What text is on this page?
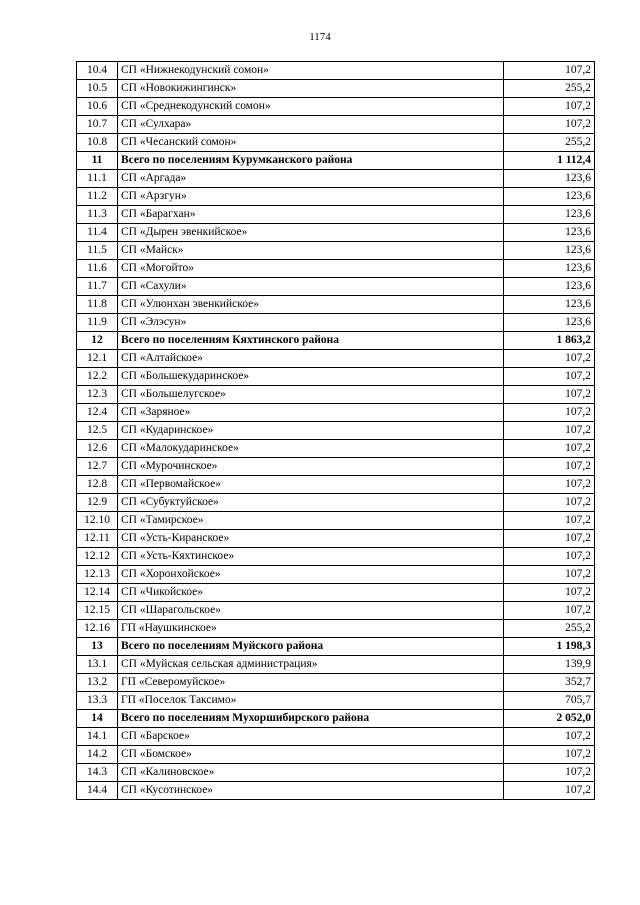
1174
10.4	СП «Нижнекодунский сомон»	107,2
10.5	СП «Новокижингинск»	255,2
10.6	СП «Среднекодунский сомон»	107,2
10.7	СП «Сулхара»	107,2
10.8	СП «Чесанский сомон»	255,2
11	Всего по поселениям Курумканского района	1 112,4
11.1	СП «Аргада»	123,6
11.2	СП «Арзгун»	123,6
11.3	СП «Барагхан»	123,6
11.4	СП «Дырен эвенкийское»	123,6
11.5	СП «Майск»	123,6
11.6	СП «Могойто»	123,6
11.7	СП «Сахули»	123,6
11.8	СП «Улюнхан эвенкийское»	123,6
11.9	СП «Элэсун»	123,6
12	Всего по поселениям Кяхтинского района	1 863,2
12.1	СП «Алтайское»	107,2
12.2	СП «Большекударинское»	107,2
12.3	СП «Большелугское»	107,2
12.4	СП «Заряное»	107,2
12.5	СП «Кударинское»	107,2
12.6	СП «Малокударинское»	107,2
12.7	СП «Мурочинское»	107,2
12.8	СП «Первомайское»	107,2
12.9	СП «Субуктуйское»	107,2
12.10	СП «Тамирское»	107,2
12.11	СП «Усть-Киранское»	107,2
12.12	СП «Усть-Кяхтинское»	107,2
12.13	СП «Хоронхойское»	107,2
12.14	СП «Чикойское»	107,2
12.15	СП «Шарагольское»	107,2
12.16	ГП «Наушкинское»	255,2
13	Всего по поселениям Муйского района	1 198,3
13.1	СП «Муйская сельская администрация»	139,9
13.2	ГП «Северомуйское»	352,7
13.3	ГП «Поселок Таксимо»	705,7
14	Всего по поселениям Мухоршибирского района	2 052,0
14.1	СП «Барское»	107,2
14.2	СП «Бомское»	107,2
14.3	СП «Калиновское»	107,2
14.4	СП «Кусотинское»	107,2
